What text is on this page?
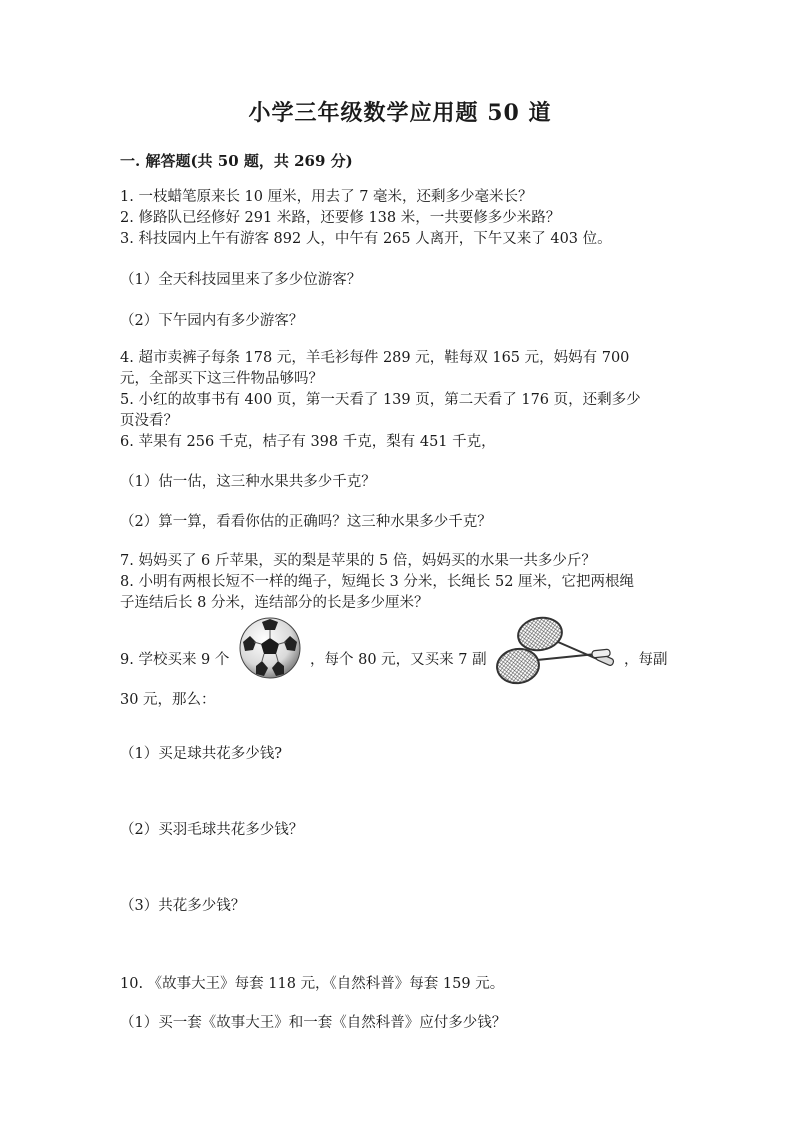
小学三年级数学应用题 50 道
一. 解答题(共 50 题，共 269 分)
1. 一枝蜡笔原来长 10 厘米，用去了 7 毫米，还剩多少毫米长？
2. 修路队已经修好 291 米路，还要修 138 米，一共要修多少米路？
3. 科技园内上午有游客 892 人，中午有 265 人离开，下午又来了 403 位。
（1）全天科技园里来了多少位游客？
（2）下午园内有多少游客？
4. 超市卖裤子每条 178 元，羊毛衫每件 289 元，鞋每双 165 元，妈妈有 700
元，全部买下这三件物品够吗？
5. 小红的故事书有 400 页，第一天看了 139 页，第二天看了 176 页，还剩多少
页没看？
6. 苹果有 256 千克，桔子有 398 千克，梨有 451 千克，
（1）估一估，这三种水果共多少千克？
（2）算一算，看看你估的正确吗？这三种水果多少千克？
7. 妈妈买了 6 斤苹果，买的梨是苹果的 5 倍，妈妈买的水果一共多少斤？
8. 小明有两根长短不一样的绳子，短绳长 3 分米，长绳长 52 厘米，它把两根绳
子连结后长 8 分米，连结部分的长是多少厘米？
9. 学校买来 9 个	，每个 80 元，又买来 7 副	，每副
30 元，那么：
（1）买足球共花多少钱?
（2）买羽毛球共花多少钱？
（3）共花多少钱？
10. 《故事大王》每套 118 元，《自然科普》每套 159 元。
（1）买一套《故事大王》和一套《自然科普》应付多少钱？
